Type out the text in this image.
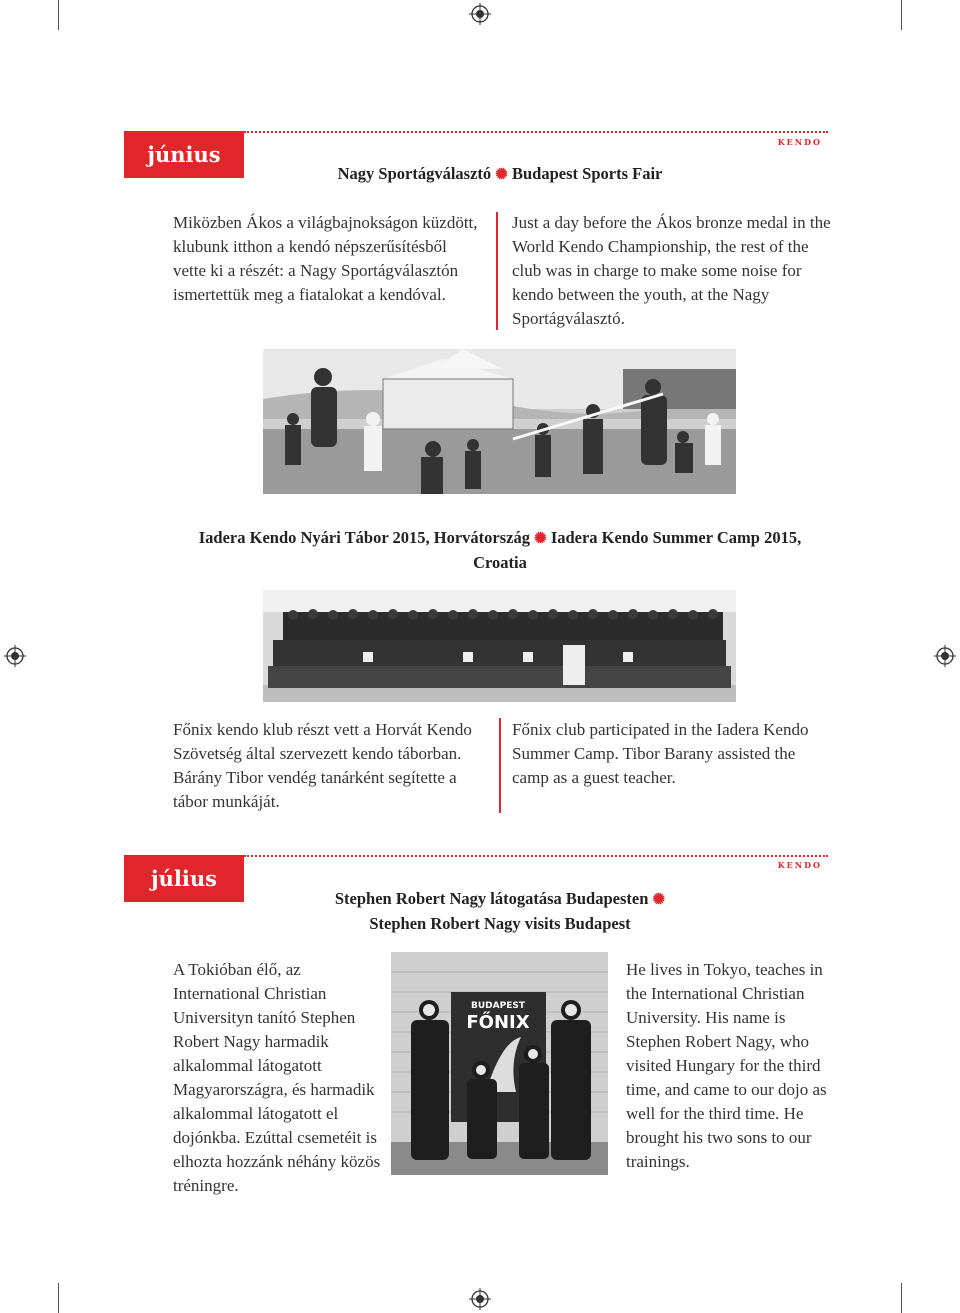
június
kendo
Nagy Sportágválasztó ✺ Budapest Sports Fair
Miközben Ákos a világbajnokságon küzdött, klubunk itthon a kendó népszerűsítésből vette ki a részét: a Nagy Sportágválasztón ismertettük meg a fiatalokat a kendóval.
Just a day before the Ákos bronze medal in the World Kendo Championship, the rest of the club was in charge to make some noise for kendo between the youth, at the Nagy Sportágválasztó.
Iadera Kendo Nyári Tábor 2015, Horvátország ✺ Iadera Kendo Summer Camp 2015, Croatia
Főnix kendo klub részt vett a Horvát Kendo Szövetség által szervezett kendo táborban. Bárány Tibor vendég tanárként segítette a tábor munkáját.
Főnix club participated in the Iadera Kendo Summer Camp. Tibor Barany assisted the camp as a guest teacher.
július
kendo
Stephen Robert Nagy látogatása Budapesten ✺
Stephen Robert Nagy visits Budapest
A Tokióban élő, az International Christian Universityn tanító Stephen Robert Nagy harmadik alkalommal látogatott Magyarországra, és harmadik alkalommal látogatott el dojónkba. Ezúttal csemetéit is elhozta hozzánk néhány közös tréningre.
BUDAPEST
FŐNIX
He lives in Tokyo, teaches in the International Christian University. His name is Stephen Robert Nagy, who visited Hungary for the third time, and came to our dojo as well for the third time. He brought his two sons to our trainings.
